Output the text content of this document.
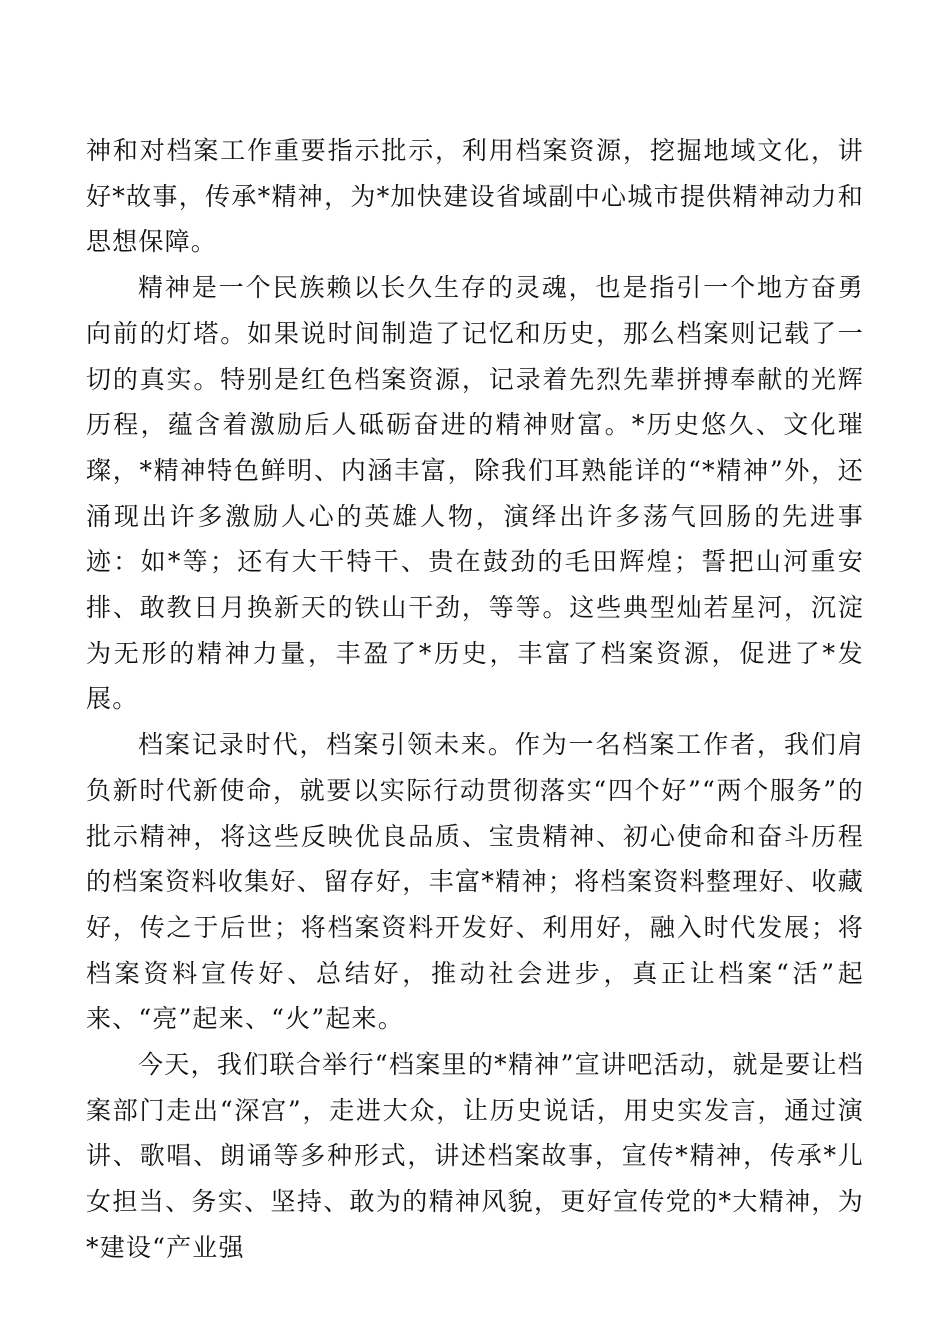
神和对档案工作重要指示批示，利用档案资源，挖掘地域文化，讲好*故事，传承*精神，为*加快建设省域副中心城市提供精神动力和思想保障。

精神是一个民族赖以长久生存的灵魂，也是指引一个地方奋勇向前的灯塔。如果说时间制造了记忆和历史，那么档案则记载了一切的真实。特别是红色档案资源，记录着先烈先辈拼搏奉献的光辉历程，蕴含着激励后人砥砺奋进的精神财富。*历史悠久、文化璀璨，*精神特色鲜明、内涵丰富，除我们耳熟能详的“*精神”外，还涌现出许多激励人心的英雄人物，演绎出许多荡气回肠的先进事迹：如*等；还有大干特干、贵在鼓劲的毛田辉煌；誓把山河重安排、敢教日月换新天的铁山干劲，等等。这些典型灿若星河，沉淀为无形的精神力量，丰盈了*历史，丰富了档案资源，促进了*发展。

档案记录时代，档案引领未来。作为一名档案工作者，我们肩负新时代新使命，就要以实际行动贯彻落实“四个好”“两个服务”的批示精神，将这些反映优良品质、宝贵精神、初心使命和奋斗历程的档案资料收集好、留存好，丰富*精神；将档案资料整理好、收藏好，传之于后世；将档案资料开发好、利用好，融入时代发展；将档案资料宣传好、总结好，推动社会进步，真正让档案“活”起来、“亮”起来、“火”起来。

今天，我们联合举行“档案里的*精神”宣讲吧活动，就是要让档案部门走出“深宫”，走进大众，让历史说话，用史实发言，通过演讲、歌唱、朗诵等多种形式，讲述档案故事，宣传*精神，传承*儿女担当、务实、坚持、敢为的精神风貌，更好宣传党的*大精神，为*建设“产业强
